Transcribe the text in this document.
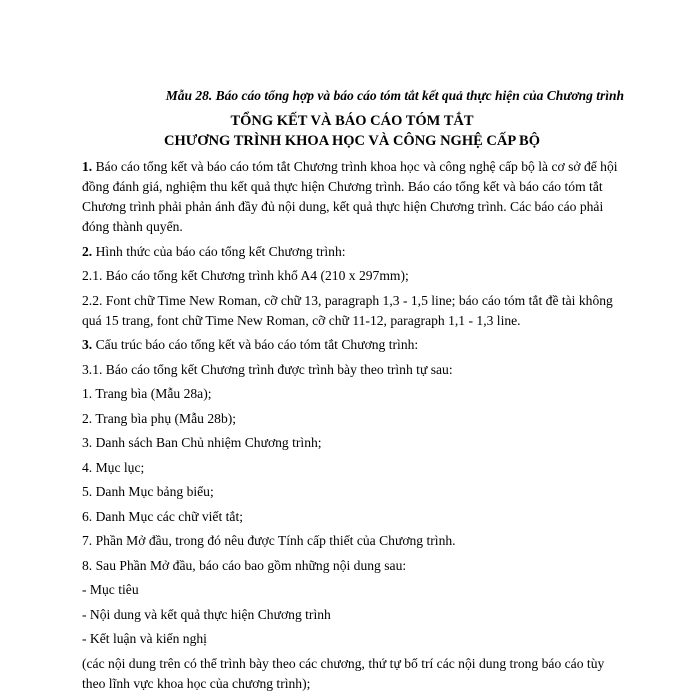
Mẫu 28. Báo cáo tổng hợp và báo cáo tóm tắt kết quả thực hiện của Chương trình
TỔNG KẾT VÀ BÁO CÁO TÓM TẮT
CHƯƠNG TRÌNH KHOA HỌC VÀ CÔNG NGHỆ CẤP BỘ

1. Báo cáo tổng kết và báo cáo tóm tắt Chương trình khoa học và công nghệ cấp bộ là cơ sở để hội đồng đánh giá, nghiệm thu kết quả thực hiện Chương trình. Báo cáo tổng kết và báo cáo tóm tắt Chương trình phải phản ánh đầy đủ nội dung, kết quả thực hiện Chương trình. Các báo cáo phải đóng thành quyển.

2. Hình thức của báo cáo tổng kết Chương trình:

2.1. Báo cáo tổng kết Chương trình khổ A4 (210 x 297mm);

2.2. Font chữ Time New Roman, cỡ chữ 13, paragraph 1,3 - 1,5 line; báo cáo tóm tắt đề tài không quá 15 trang, font chữ Time New Roman, cỡ chữ 11-12, paragraph 1,1 - 1,3 line.

3. Cấu trúc báo cáo tổng kết và báo cáo tóm tắt Chương trình:

3.1. Báo cáo tổng kết Chương trình được trình bày theo trình tự sau:

1. Trang bìa (Mẫu 28a);

2. Trang bìa phụ (Mẫu 28b);

3. Danh sách Ban Chủ nhiệm Chương trình;

4. Mục lục;

5. Danh Mục bảng biểu;

6. Danh Mục các chữ viết tắt;

7. Phần Mở đầu, trong đó nêu được Tính cấp thiết của Chương trình.

8. Sau Phần Mở đầu, báo cáo bao gồm những nội dung sau:

- Mục tiêu

- Nội dung và kết quả thực hiện Chương trình

- Kết luận và kiến nghị

(các nội dung trên có thể trình bày theo các chương, thứ tự bố trí các nội dung trong báo cáo tùy theo lĩnh vực khoa học của chương trình);
